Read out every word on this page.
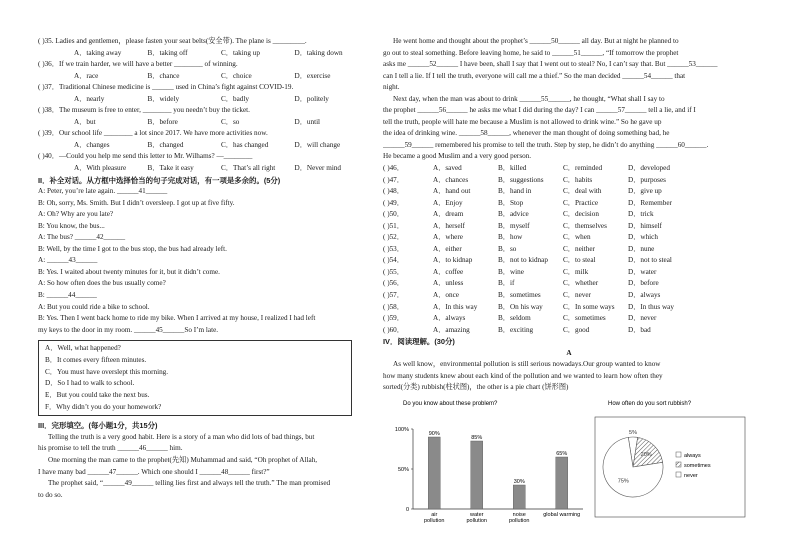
( )35. Ladies and gentlemen，please fasten your seat belts(安全带). The plane is _________.
A．taking away	B．taking off	C．taking up	D．taking down
( )36．If we train harder, we will have a better ________ of winning.
A．race	B．chance	C．choice	D．exercise
( )37．Traditional Chinese medicine is ______ used in China’s fight against COVID-19.
A．nearly	B．widely	C．badly	D．politely
( )38．The museum is free to enter, ________ you needn’t buy the ticket.
A．but	B．before	C．so	D．until
( )39．Our school life ________ a lot since 2017. We have more activities now.
A．changes	B．changed	C．has changed	D．will change
( )40．—Could you help me send this letter to Mr. Wilhams? —________
A．With pleasure	B．Take it easy	C．That’s all right	D．Never mind
II．补全对话。从方框中选择恰当的句子完成对话，有一项是多余的。(5分)
A: Peter, you’re late again. ______41______
B: Oh, sorry, Ms. Smith. But I didn’t oversleep. I got up at five fifty.
A: Oh? Why are you late?
B: You know, the bus...
A: The bus? ______42______
B: Well, by the time I got to the bus stop, the bus had already left.
A: ______43______
B: Yes. I waited about twenty minutes for it, but it didn’t come.
A: So how often does the bus usually come?
B: ______44______
A: But you could ride a bike to school.
B: Yes. Then I went back home to ride my bike. When I arrived at my house, I realized I had left
my keys to the door in my room. ______45______So I’m late.
A．Well, what happened?
B．It comes every fifteen minutes.
C．You must have overslept this morning.
D．So I had to walk to school.
E．But you could take the next bus.
F．Why didn’t you do your homework?
III．完形填空。(每小题1分，共15分)
Telling the truth is a very good habit. Here is a story of a man who did lots of bad things, but
his promise to tell the truth ______46______ him.
One morning the man came to the prophet(先知) Muhammad and said, “Oh prophet of Allah,
I have many bad ______47______. Which one should I ______48______ first?”
The prophet said, “______49______ telling lies first and always tell the truth.” The man promised
to do so.
He went home and thought about the prophet’s ______50______ all day. But at night he planned to
go out to steal something. Before leaving home, he said to ______51______, “If tomorrow the prophet
asks me ______52______ I have been, shall I say that I went out to steal? No, I can’t say that. But ______53______
can I tell a lie. If I tell the truth, everyone will call me a thief.” So the man decided ______54______ that
night.
Next day, when the man was about to drink ______55______, he thought, “What shall I say to
the prophet ______56______ he asks me what I did during the day? I can ______57______ tell a lie, and if I
tell the truth, people will hate me because a Muslim is not allowed to drink wine.” So he gave up
the idea of drinking wine. ______58______, whenever the man thought of doing something bad, he
______59______ remembered his promise to tell the truth. Step by step, he didn’t do anything ______60______.
He became a good Muslim and a very good person.
( )46．	A．saved	B．killed	C．reminded	D．developed
( )47．	A．chances	B．suggestions	C．habits	D．purposes
( )48．	A．hand out	B．hand in	C．deal with	D．give up
( )49．	A．Enjoy	B．Stop	C．Practice	D．Remember
( )50．	A．dream	B．advice	C．decision	D．trick
( )51．	A．herself	B．myself	C．themselves	D．himself
( )52．	A．where	B．how	C．when	D．which
( )53．	A．either	B．so	C．neither	D．nune
( )54．	A．to kidnap	B．not to kidnap	C．to steal	D．not to steal
( )55．	A．coffee	B．wine	C．milk	D．water
( )56．	A．unless	B．if	C．whether	D．before
( )57．	A．once	B．sometimes	C．never	D．always
( )58．	A．In this way	B．On his way	C．In some ways	D．In thus way
( )59．	A．always	B．seldom	C．sometimes	D．never
( )60．	A．amazing	B．exciting	C．good	D．bad
IV．阅读理解。(30分)
A
As well know，environmental pollution is still serious nowadays.Our group wanted to know
how many students knew about each kind of the pollution and we wanted to learn how often they
sorted(分类) rubbish(柱状图)，the other is a pie chart (饼形图)
Do you know about these problem?
0
50%
100%
90%
air
pollution
85%
water
pollution
30%
noise
pollution
65%
global warming
How often do you sort rubbish?
5%
20%
75%
always
sometimes
never
